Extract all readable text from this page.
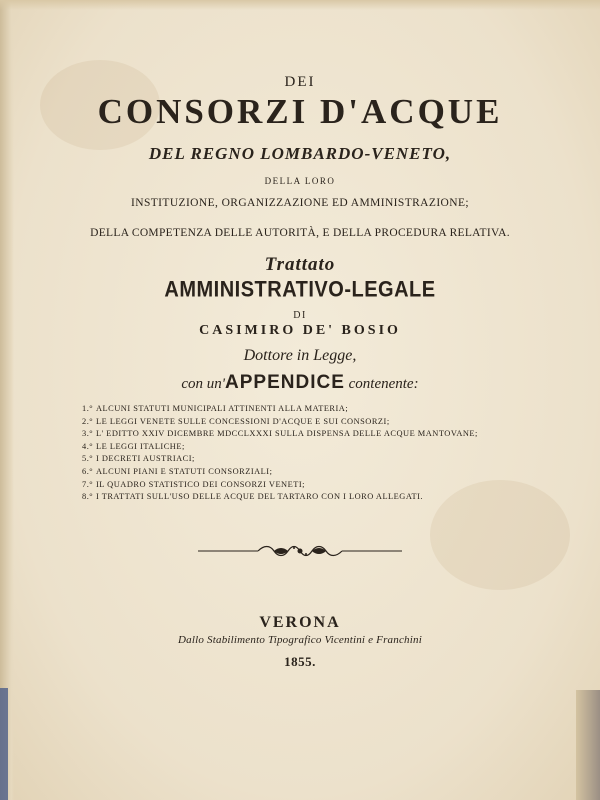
DEI
CONSORZI D'ACQUE
DEL REGNO LOMBARDO-VENETO,
DELLA LORO
INSTITUZIONE, ORGANIZZAZIONE ED AMMINISTRAZIONE;
DELLA COMPETENZA DELLE AUTORITÀ, E DELLA PROCEDURA RELATIVA.
Trattato
AMMINISTRATIVO-LEGALE
DI
CASIMIRO DE' BOSIO
Dottore in Legge,
con un'APPENDICE contenente:
1.° ALCUNI STATUTI MUNICIPALI ATTINENTI ALLA MATERIA;
2.° LE LEGGI VENETE SULLE CONCESSIONI D'ACQUE E SUI CONSORZI;
3.° L' EDITTO XXIV DICEMBRE MDCCLXXXI SULLA DISPENSA DELLE ACQUE MANTOVANE;
4.° LE LEGGI ITALICHE;
5.° I DECRETI AUSTRIACI;
6.° ALCUNI PIANI E STATUTI CONSORZIALI;
7.° IL QUADRO STATISTICO DEI CONSORZI VENETI;
8.° I TRATTATI SULL'USO DELLE ACQUE DEL TARTARO CON I LORO ALLEGATI.
VERONA
Dallo Stabilimento Tipografico Vicentini e Franchini
1855.
